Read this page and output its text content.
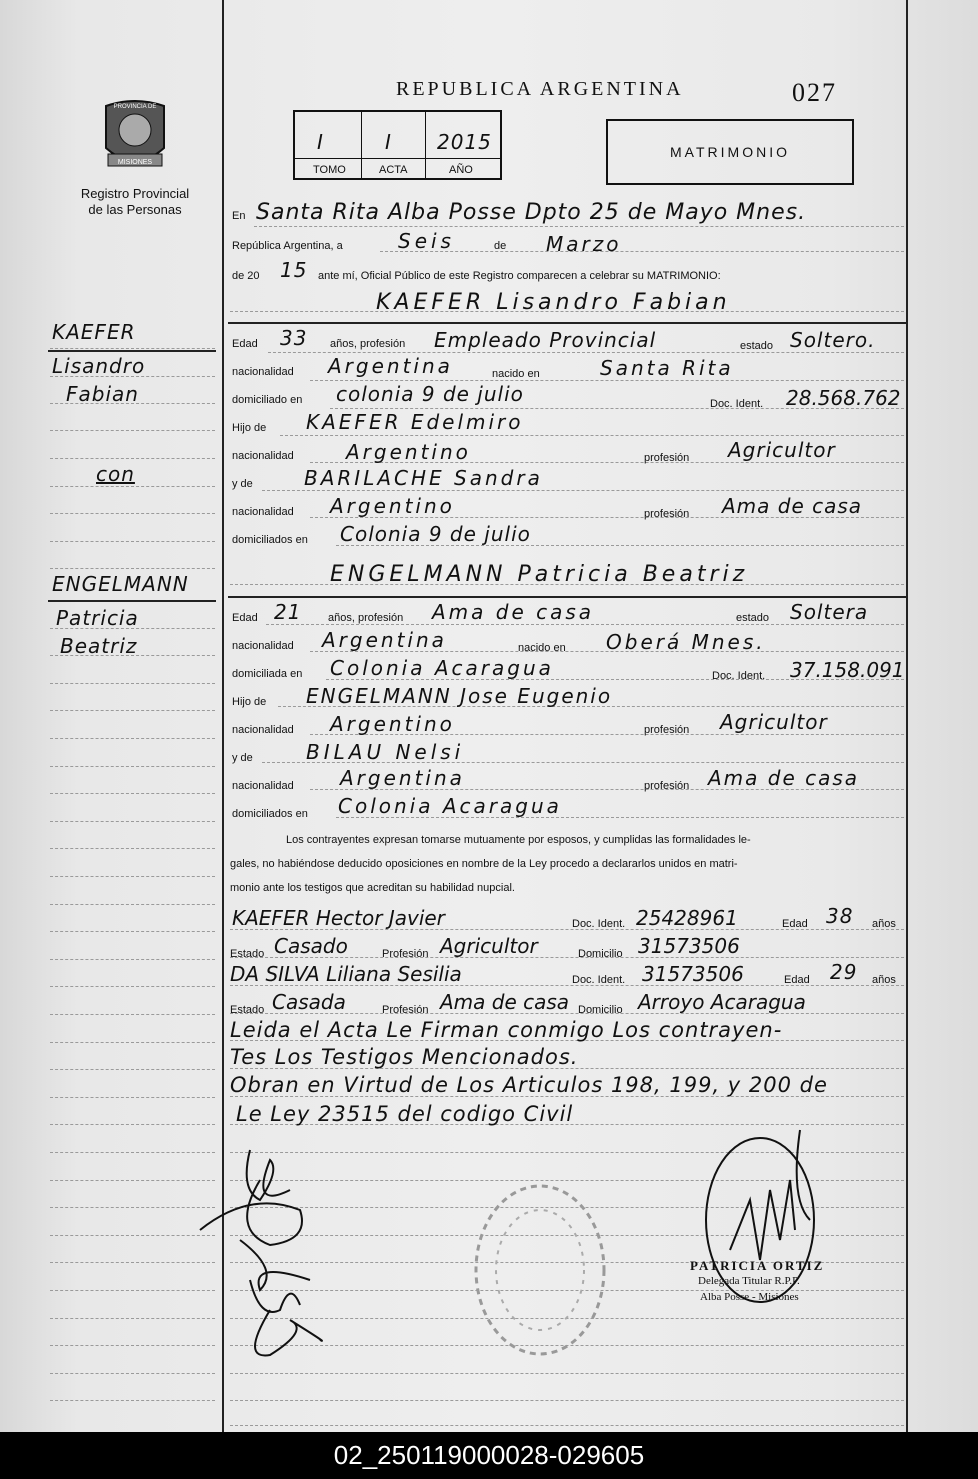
PROVINCIA DE
MISIONES
Registro Provincial
de las Personas
REPUBLICA ARGENTINA	027
I
TOMO
I
ACTA
2015
AÑO
MATRIMONIO
KAEFER
Lisandro
Fabian
con
ENGELMANN
Patricia
Beatriz
En Santa Rita Alba Posse Dpto 25 de Mayo Mnes.
República Argentina, a	Seis	de Marzo
de 20 15 ante mí, Oficial Público de este Registro comparecen a celebrar su MATRIMONIO:
KAEFER Lisandro Fabian
Edad 33 años, profesión Empleado Provincial	estado Soltero.
nacionalidad Argentina	nacido en	Santa Rita
domiciliado en colonia 9 de julio	Doc. Ident. 28.568.762
Hijo de KAEFER Edelmiro
nacionalidad	Argentino	profesión Agricultor
y de	BARILACHE Sandra
nacionalidad Argentino	profesión Ama de casa
domiciliados en Colonia 9 de julio
ENGELMANN Patricia Beatriz
Edad 21 años, profesión Ama de casa	estado Soltera
nacionalidad Argentina	nacido en Oberá Mnes.
domiciliada en Colonia Acaragua	Doc. Ident. 37.158.091
Hijo de ENGELMANN Jose Eugenio
nacionalidad Argentino	profesión Agricultor
y de	BILAU Nelsi
nacionalidad Argentina	profesión Ama de casa
domiciliados en Colonia Acaragua
Los contrayentes expresan tomarse mutuamente por esposos, y cumplidas las formalidades le-
gales, no habiéndose deducido oposiciones en nombre de la Ley procedo a declararlos unidos en matri-
monio ante los testigos que acreditan su habilidad nupcial.
KAEFER Hector Javier	Doc. Ident. 25428961	Edad 38 años
Estado Casado	Profesión Agricultor	Domicilio 31573506
DA SILVA Liliana Sesilia	Doc. Ident. 31573506	Edad 29 años
Estado Casada	Profesión Ama de casa Domicilio Arroyo Acaragua
Leida el Acta Le Firman conmigo Los contrayen-
Tes Los Testigos Mencionados.
Obran en Virtud de Los Articulos 198, 199, y 200 de
Le Ley 23515 del codigo Civil
PATRICIA ORTIZ
Delegada Titular R.P.P.
Alba Posse - Misiones
02_250119000028-029605
